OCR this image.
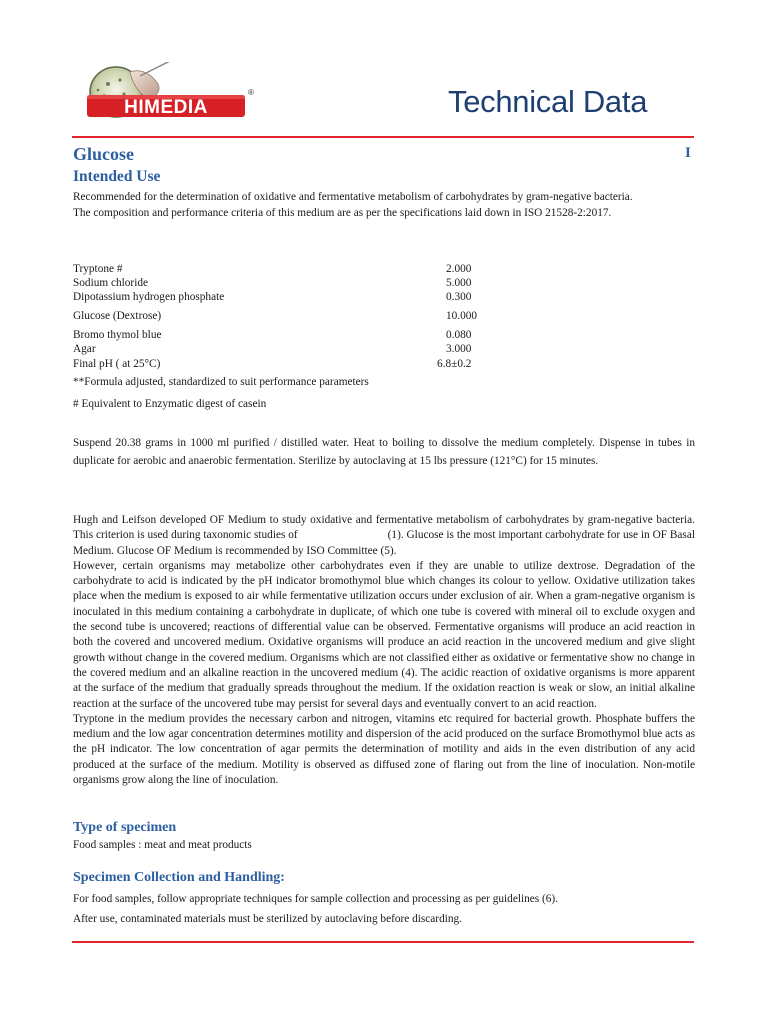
HIMEDIA
®	Technical Data
Glucose	I
Intended Use
Recommended for the determination of oxidative and fermentative metabolism of carbohydrates by gram-negative bacteria.
The composition and performance criteria of this medium are as per the specifications laid down in ISO 21528-2:2017.
Tryptone #	2.000
Sodium chloride	5.000
Dipotassium hydrogen phosphate	0.300
Glucose (Dextrose)	10.000
Bromo thymol blue	0.080
Agar	3.000
Final pH ( at 25°C)	6.8±0.2
**Formula adjusted, standardized to suit performance parameters
# Equivalent to Enzymatic digest of casein
Suspend 20.38 grams in 1000 ml purified / distilled water. Heat to boiling to dissolve the medium completely. Dispense in tubes in duplicate for aerobic and anaerobic fermentation. Sterilize by autoclaving at 15 lbs pressure (121°C) for 15 minutes.

Hugh and Leifson developed OF Medium to study oxidative and fermentative metabolism of carbohydrates by gram-negative bacteria. This criterion is used during taxonomic studies of	(1). Glucose is the most important carbohydrate for use in OF Basal Medium. Glucose OF Medium is recommended by ISO Committee (5).

However, certain organisms may metabolize other carbohydrates even if they are unable to utilize dextrose. Degradation of the carbohydrate to acid is indicated by the pH indicator bromothymol blue which changes its colour to yellow. Oxidative utilization takes place when the medium is exposed to air while fermentative utilization occurs under exclusion of air. When a gram-negative organism is inoculated in this medium containing a carbohydrate in duplicate, of which one tube is covered with mineral oil to exclude oxygen and the second tube is uncovered; reactions of differential value can be observed. Fermentative organisms will produce an acid reaction in both the covered and uncovered medium. Oxidative organisms will produce an acid reaction in the uncovered medium and give slight growth without change in the covered medium. Organisms which are not classified either as oxidative or fermentative show no change in the covered medium and an alkaline reaction in the uncovered medium (4). The acidic reaction of oxidative organisms is more apparent at the surface of the medium that gradually spreads throughout the medium. If the oxidation reaction is weak or slow, an initial alkaline reaction at the surface of the uncovered tube may persist for several days and eventually convert to an acid reaction.

Tryptone in the medium provides the necessary carbon and nitrogen, vitamins etc required for bacterial growth. Phosphate buffers the medium and the low agar concentration determines motility and dispersion of the acid produced on the surface Bromothymol blue acts as the pH indicator. The low concentration of agar permits the determination of motility and aids in the even distribution of any acid produced at the surface of the medium. Motility is observed as diffused zone of flaring out from the line of inoculation. Non-motile organisms grow along the line of inoculation.

Type of specimen
Food samples : meat and meat products
Specimen Collection and Handling:
For food samples, follow appropriate techniques for sample collection and processing as per guidelines (6).
After use, contaminated materials must be sterilized by autoclaving before discarding.
